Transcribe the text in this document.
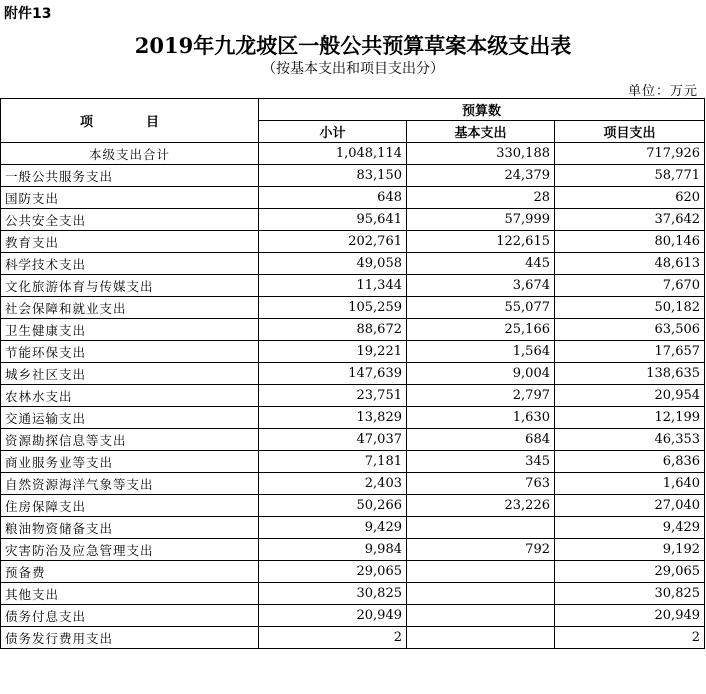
附件13
2019年九龙坡区一般公共预算草案本级支出表
（按基本支出和项目支出分）
单位：万元
项　目	预算数		
	小计	基本支出	项目支出
本级支出合计	1,048,114	330,188	717,926
一般公共服务支出	83,150	24,379	58,771
国防支出	648	28	620
公共安全支出	95,641	57,999	37,642
教育支出	202,761	122,615	80,146
科学技术支出	49,058	445	48,613
文化旅游体育与传媒支出	11,344	3,674	7,670
社会保障和就业支出	105,259	55,077	50,182
卫生健康支出	88,672	25,166	63,506
节能环保支出	19,221	1,564	17,657
城乡社区支出	147,639	9,004	138,635
农林水支出	23,751	2,797	20,954
交通运输支出	13,829	1,630	12,199
资源勘探信息等支出	47,037	684	46,353
商业服务业等支出	7,181	345	6,836
自然资源海洋气象等支出	2,403	763	1,640
住房保障支出	50,266	23,226	27,040
粮油物资储备支出	9,429		9,429
灾害防治及应急管理支出	9,984	792	9,192
预备费	29,065		29,065
其他支出	30,825		30,825
债务付息支出	20,949		20,949
债务发行费用支出	2		2
